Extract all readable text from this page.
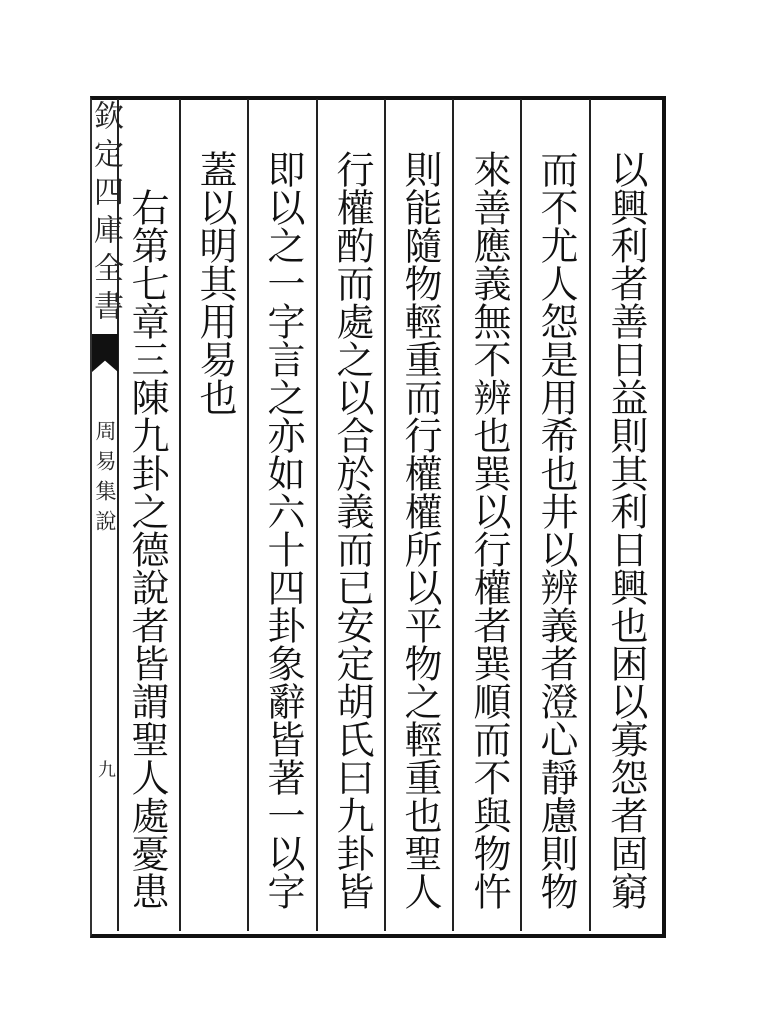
欽定四庫全書
周易集說
九	以興利者善日益則其利日興也困以寡怨者固窮
而不尤人怨是用希也井以辨義者澄心靜慮則物
來善應義無不辨也巽以行權者巽順而不與物忤
則能隨物輕重而行權權所以平物之輕重也聖人
行權酌而處之以合於義而已安定胡氏曰九卦皆
即以之一字言之亦如六十四卦象辭皆著一以字
蓋以明其用易也
右第七章三陳九卦之德說者皆謂聖人處憂患
